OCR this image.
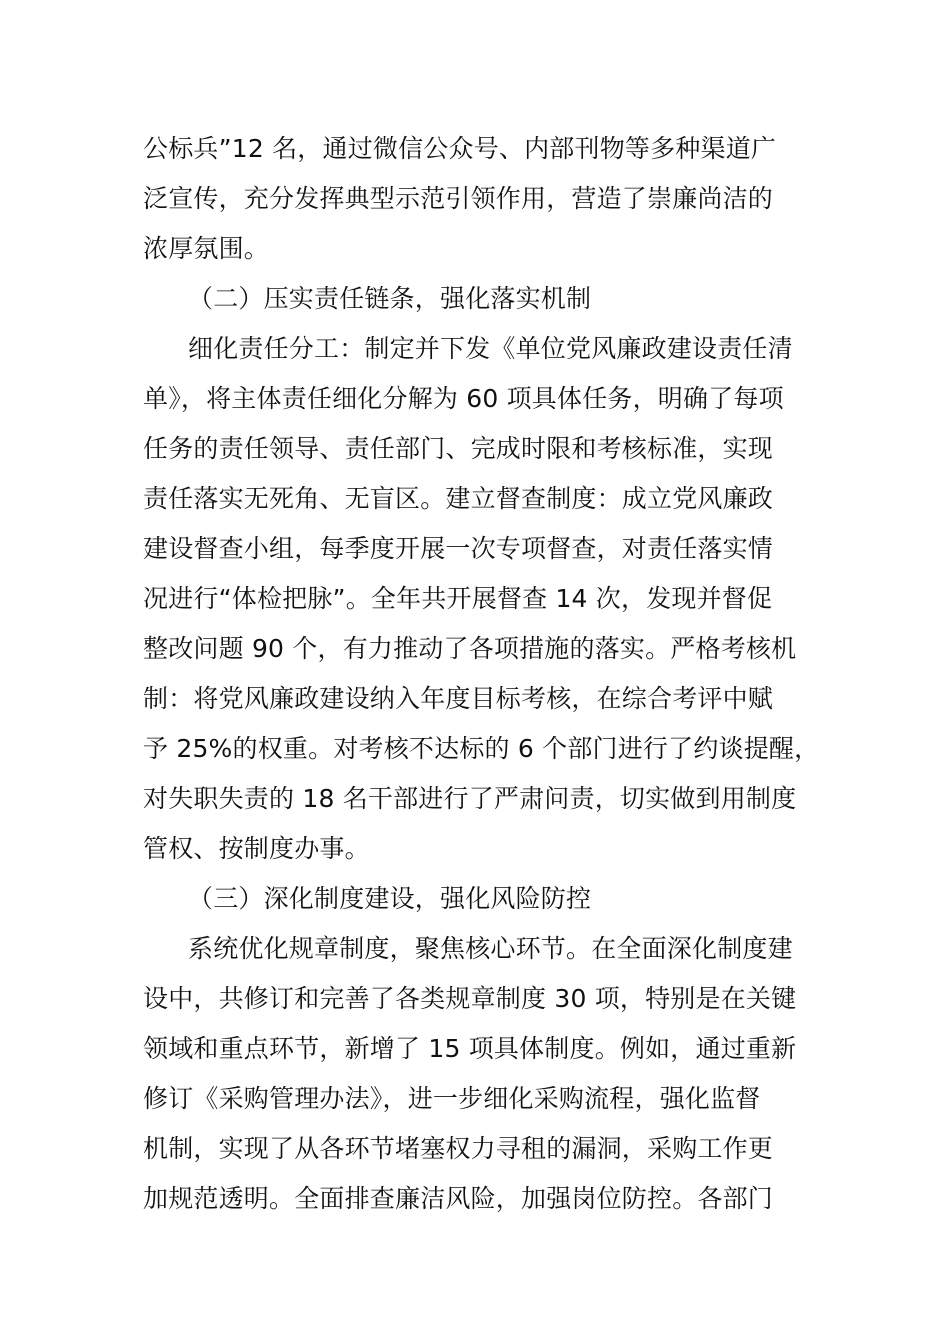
公标兵”12 名，通过微信公众号、内部刊物等多种渠道广
泛宣传，充分发挥典型示范引领作用，营造了崇廉尚洁的
浓厚氛围。
（二）压实责任链条，强化落实机制
细化责任分工：制定并下发《单位党风廉政建设责任清
单》，将主体责任细化分解为 60 项具体任务，明确了每项
任务的责任领导、责任部门、完成时限和考核标准，实现
责任落实无死角、无盲区。建立督查制度：成立党风廉政
建设督查小组，每季度开展一次专项督查，对责任落实情
况进行“体检把脉”。全年共开展督查 14 次，发现并督促
整改问题 90 个，有力推动了各项措施的落实。严格考核机
制：将党风廉政建设纳入年度目标考核，在综合考评中赋
予 25%的权重。对考核不达标的 6 个部门进行了约谈提醒，
对失职失责的 18 名干部进行了严肃问责，切实做到用制度
管权、按制度办事。
（三）深化制度建设，强化风险防控
系统优化规章制度，聚焦核心环节。在全面深化制度建
设中，共修订和完善了各类规章制度 30 项，特别是在关键
领域和重点环节，新增了 15 项具体制度。例如，通过重新
修订《采购管理办法》，进一步细化采购流程，强化监督
机制，实现了从各环节堵塞权力寻租的漏洞，采购工作更
加规范透明。全面排查廉洁风险，加强岗位防控。各部门
